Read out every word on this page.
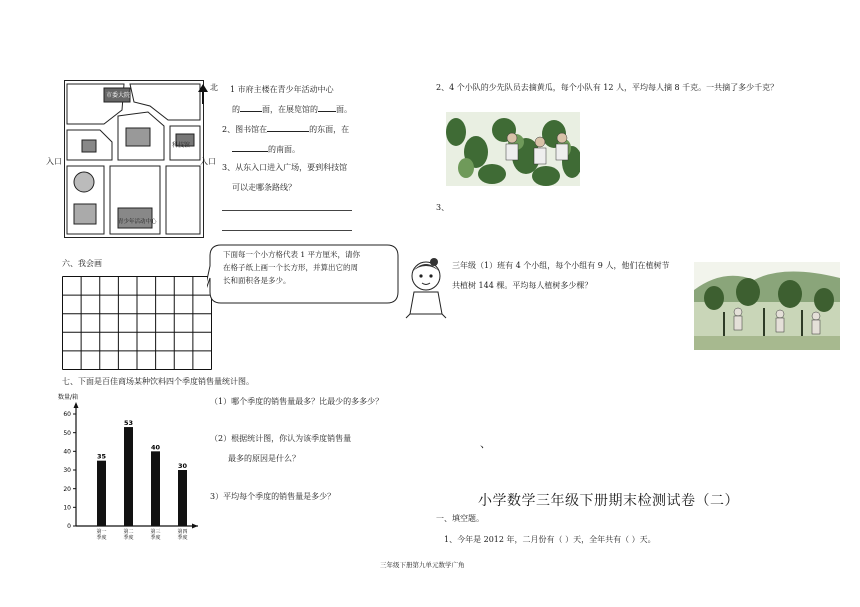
市委大院
科技馆
青少年活动中心
北
入口	入口
1 市府主楼在青少年活动中心
的	面，在展览馆的 面。
2、图书馆在	的东面，在
的南面。
3、从东入口进入广场，要到科技馆
可以走哪条路线？
六、我会画
下面每一个小方格代表 1 平方厘米，请你
在格子纸上画一个长方形，并算出它的周
长和面积各是多少。
七、下面是百佳商场某种饮料四个季度销售量统计图。
数量/箱
0
10
20
30
40
50
60
35
第一
季度
53
第二
季度
40
第三
季度
30
第四
季度
（1）哪个季度的销售量最多？比最少的多多少？
（2）根据统计图，你认为该季度销售量
最多的原因是什么？
3）平均每个季度的销售量是多少？
2、4 个小队的少先队员去摘黄瓜，每个小队有 12 人，平均每人摘 8 千克。一共摘了多少千克？
3、
三年级（1）班有 4 个小组，每个小组有 9 人，他们在植树节
共植树 144 棵。平均每人植树多少棵？
、
小学数学三年级下册期末检测试卷（二）
一、填空题。
1、今年是 2012 年，二月份有（ ）天，全年共有（ ）天。
三年级下册第九单元数学广角
